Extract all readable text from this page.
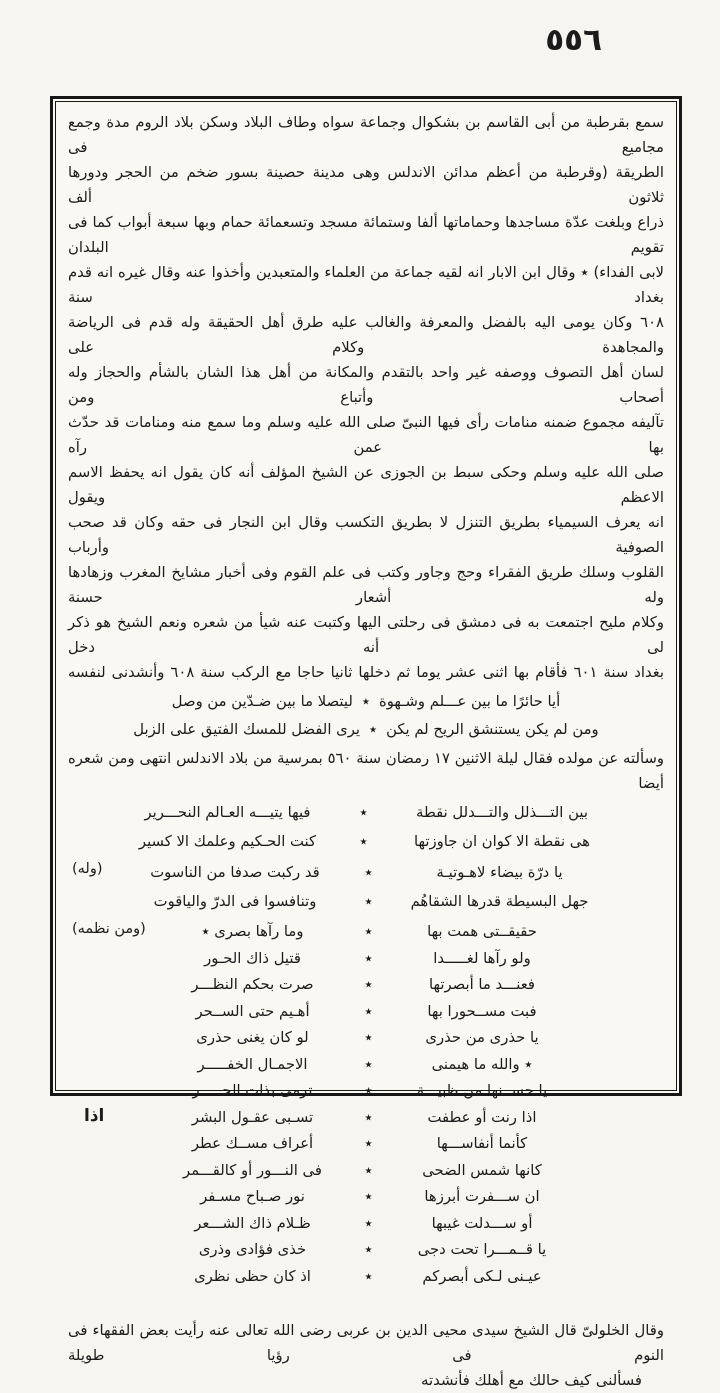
٥٥٦

سمع بقرطبة من أبى القاسم بن بشكوال وجماعة سواه وطاف البلاد وسكن بلاد الروم مدة وجمع مجاميع فى

الطريقة (وقرطبة من أعظم مدائن الاندلس وهى مدينة حصينة بسور ضخم من الحجر ودورها ثلاثون ألف

ذراع وبلغت عدّة مساجدها وحماماتها ألفا وستمائة مسجد وتسعمائة حمام وبها سبعة أبواب كما فى تقويم البلدان

لابى الفداء) ٭ وقال ابن الابار انه لقيه جماعة من العلماء والمتعبدين وأخذوا عنه وقال غيره انه قدم بغداد سنة

٦٠٨ وكان يومى اليه بالفضل والمعرفة والغالب عليه طرق أهل الحقيقة وله قدم فى الرياضة والمجاهدة وكلام على

لسان أهل التصوف ووصفه غير واحد بالتقدم والمكانة من أهل هذا الشان بالشأم والحجاز وله أصحاب وأتباع ومن

تآليفه مجموع ضمنه منامات رأى فيها النبىّ صلى الله عليه وسلم وما سمع منه ومنامات قد حدّث بها عمن رآه

صلى الله عليه وسلم وحكى سبط بن الجوزى عن الشيخ المؤلف أنه كان يقول انه يحفظ الاسم الاعظم ويقول

انه يعرف السيمياء بطريق التنزل لا بطريق التكسب وقال ابن النجار فى حقه وكان قد صحب الصوفية وأرباب

القلوب وسلك طريق الفقراء وحج وجاور وكتب فى علم القوم وفى أخبار مشايخ المغرب وزهادها وله أشعار حسنة

وكلام مليح اجتمعت به فى دمشق فى رحلتى اليها وكتبت عنه شيأ من شعره ونعم الشيخ هو ذكر لى أنه دخل

بغداد سنة ٦٠١ فأقام بها اثنى عشر يوما ثم دخلها ثانيا حاجا مع الركب سنة ٦٠٨ وأنشدنى لنفسه

أيا حائرًا ما بين عـــلم وشـهوة
٭
ليتصلا ما بين ضـدّين من وصل
ومن لم يكن يستنشق الريح لم يكن
٭
يرى الفضل للمسك الفتيق على الزبل

وسألته عن مولده فقال ليلة الاثنين ١٧ رمضان سنة ٥٦٠ بمرسية من بلاد الاندلس انتهى ومن شعره أيضا

بين التـــذلل والتـــدلل نقطة
٭
فيها يتيـــه العـالم النحـــرير
هى نقطة الا كوان ان جاوزتها
٭
كنت الحـكيم وعلمك الا كسير
(وله)	يا درّة بيضاء لاهـوتيـة
٭
قد ركبت صدفا من الناسوت
جهل البسيطة قدرها الشقاهُم
٭
وتنافسوا فى الدرّ والياقوت
(ومن نظمه)	حقيقــتى همت بها
٭
وما رآها بصرى ٭
ولو رآها لغـــــدا
٭
قتيل ذاك الحـور
فعنـــد ما أبصرتها
٭
صرت بحكم النظـــر
فبت مســحورا بها
٭
أهـيم حتى الســحر
يا حذرى من حذرى
٭
لو كان يغنى حذرى
٭ والله ما هيمنى
٭
الاجمـال الخفـــــر
يا حســنها من ظبيـــة
٭
ترمى بذات الحـــــر
اذا رنت أو عطفت
٭
تسـبى عقـول البشر
كأنما أنفاســـها
٭
أعراف مســك عطر
كانها شمس الضحى
٭
فى النـــور أو كالقـــمر
ان ســـفرت أبرزها
٭
نور صـباح مسـفر
أو ســـدلت غيبها
٭
ظـلام ذاك الشـــعر
يا قــمـــرا تحت دجى
٭
خذى فؤادى وذرى
عيـنى لـكى أبصركم
٭
اذ كان حظى نظرى

وقال الخلولىّ قال الشيخ سيدى محيى الدين بن عربى رضى الله تعالى عنه رأيت بعض الفقهاء فى النوم فى رؤيا طويلة

فسألنى كيف حالك مع أهلك فأنشدته

اذا
